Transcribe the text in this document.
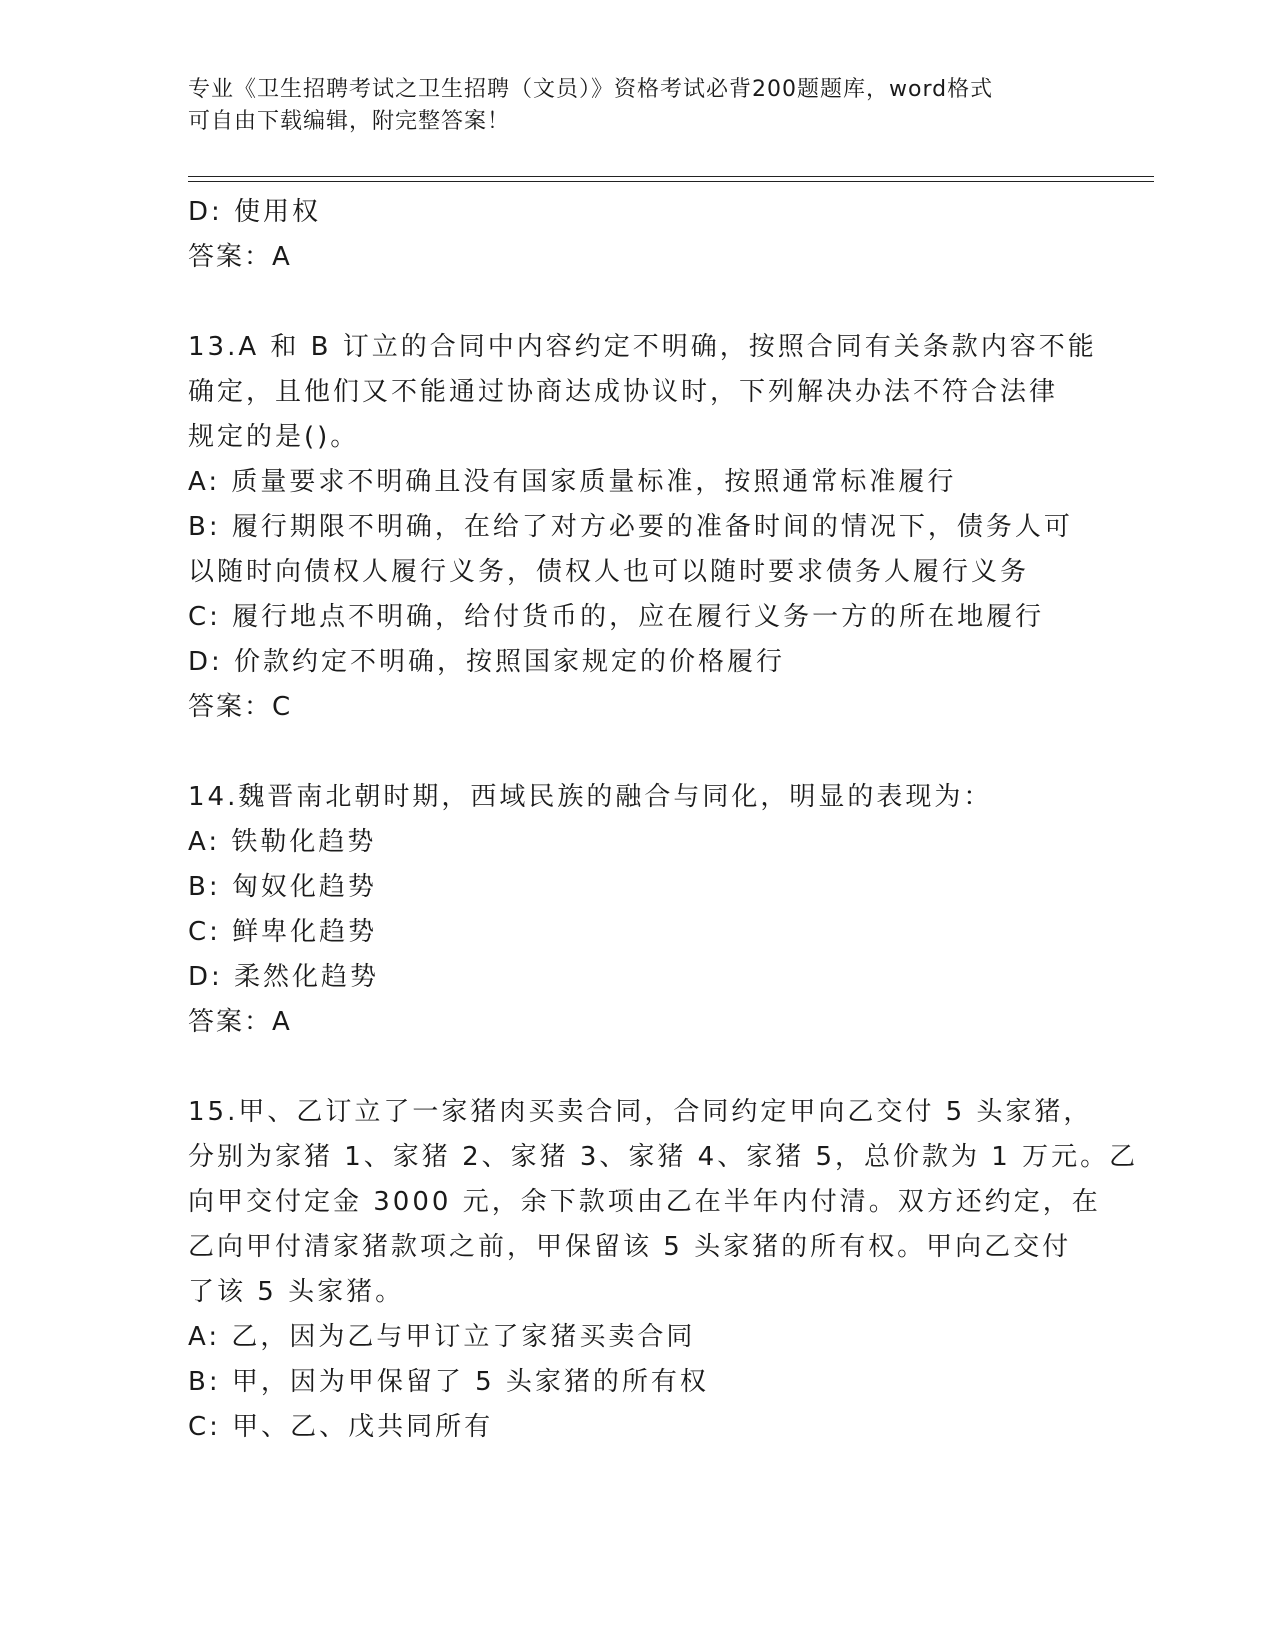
专业《卫生招聘考试之卫生招聘（文员）》资格考试必背200题题库，word格式
可自由下载编辑，附完整答案！
D: 使用权
答案：A
13.A 和 B 订立的合同中内容约定不明确，按照合同有关条款内容不能
确定，且他们又不能通过协商达成协议时，下列解决办法不符合法律
规定的是()。
A: 质量要求不明确且没有国家质量标准，按照通常标准履行
B: 履行期限不明确，在给了对方必要的准备时间的情况下，债务人可
以随时向债权人履行义务，债权人也可以随时要求债务人履行义务
C: 履行地点不明确，给付货币的，应在履行义务一方的所在地履行
D: 价款约定不明确，按照国家规定的价格履行
答案：C
14.魏晋南北朝时期，西域民族的融合与同化，明显的表现为：
A: 铁勒化趋势
B: 匈奴化趋势
C: 鲜卑化趋势
D: 柔然化趋势
答案：A
15.甲、乙订立了一家猪肉买卖合同，合同约定甲向乙交付 5 头家猪，
分别为家猪 1、家猪 2、家猪 3、家猪 4、家猪 5，总价款为 1 万元。乙
向甲交付定金 3000 元，余下款项由乙在半年内付清。双方还约定，在
乙向甲付清家猪款项之前，甲保留该 5 头家猪的所有权。甲向乙交付
了该 5 头家猪。
A: 乙，因为乙与甲订立了家猪买卖合同
B: 甲，因为甲保留了 5 头家猪的所有权
C: 甲、乙、戊共同所有
